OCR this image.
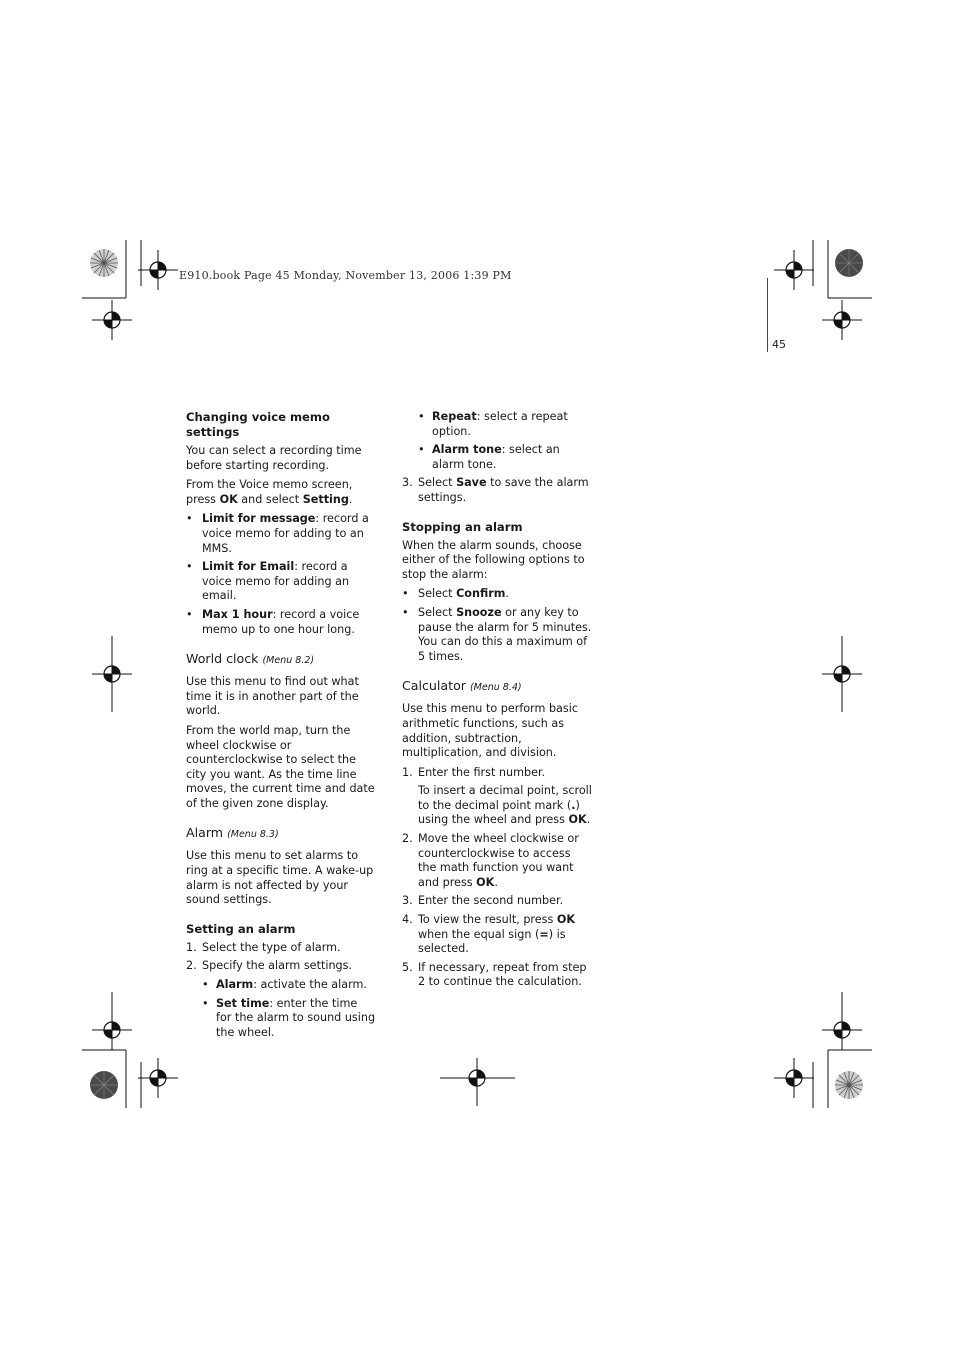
E910.book Page 45 Monday, November 13, 2006 1:39 PM
45
Changing voice memo settings

You can select a recording time before starting recording.

From the Voice memo screen, press OK and select Setting.

• Limit for message: record a voice memo for adding to an MMS.
• Limit for Email: record a voice memo for adding an email.
• Max 1 hour: record a voice memo up to one hour long.
World clock (Menu 8.2)

Use this menu to find out what time it is in another part of the world.

From the world map, turn the wheel clockwise or counterclockwise to select the city you want. As the time line moves, the current time and date of the given zone display.

Alarm (Menu 8.3)

Use this menu to set alarms to ring at a specific time. A wake-up alarm is not affected by your sound settings.

Setting an alarm
1. Select the type of alarm.
2. Specify the alarm settings.
• Alarm: activate the alarm.
• Set time: enter the time for the alarm to sound using the wheel.
• Repeat: select a repeat option.
• Alarm tone: select an alarm tone.
3. Select Save to save the alarm settings.
Stopping an alarm

When the alarm sounds, choose either of the following options to stop the alarm:

• Select Confirm.
• Select Snooze or any key to pause the alarm for 5 minutes. You can do this a maximum of 5 times.
Calculator (Menu 8.4)

Use this menu to perform basic arithmetic functions, such as addition, subtraction, multiplication, and division.

1. Enter the first number.

To insert a decimal point, scroll to the decimal point mark (.) using the wheel and press OK.

2. Move the wheel clockwise or counterclockwise to access the math function you want and press OK.
3. Enter the second number.
4. To view the result, press OK when the equal sign (=) is selected.
5. If necessary, repeat from step 2 to continue the calculation.
